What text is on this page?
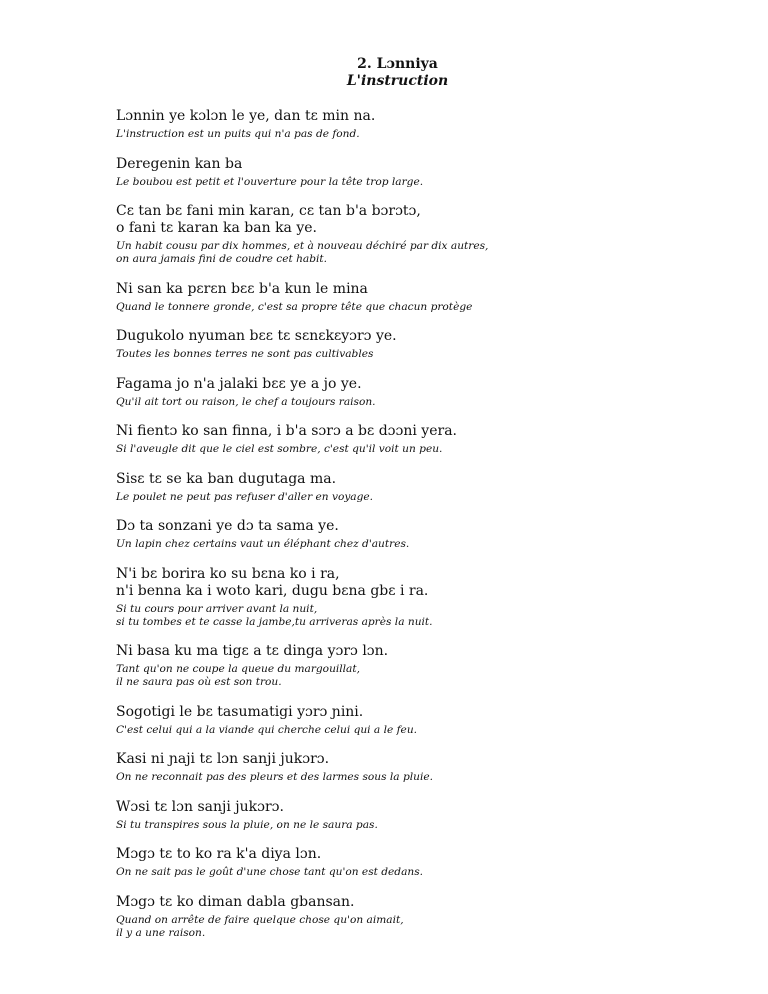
2. Lɔnniya
L'instruction
Lɔnnin ye kɔlɔn le ye, dan tɛ min na.
L'instruction est un puits qui n'a pas de fond.
Deregenin kan ba
Le boubou est petit et l'ouverture pour la tête trop large.
Cɛ tan bɛ fani min karan, cɛ tan b'a bɔrɔtɔ,
o fani tɛ karan ka ban ka ye.
Un habit cousu par dix hommes, et à nouveau déchiré par dix autres,
on aura jamais fini de coudre cet habit.
Ni san ka pɛrɛn bɛɛ b'a kun le mina
Quand le tonnere gronde, c'est sa propre tête que chacun protège
Dugukolo nyuman bɛɛ tɛ sɛnɛkɛyɔrɔ ye.
Toutes les bonnes terres ne sont pas cultivables
Fagama jo n'a jalaki bɛɛ ye a jo ye.
Qu'il ait tort ou raison, le chef a toujours raison.
Ni fientɔ ko san finna, i b'a sɔrɔ a bɛ dɔɔni yera.
Si l'aveugle dit que le ciel est sombre, c'est qu'il voit un peu.
Sisɛ tɛ se ka ban dugutaga ma.
Le poulet ne peut pas refuser d'aller en voyage.
Dɔ ta sonzani ye dɔ ta sama ye.
Un lapin chez certains vaut un éléphant chez d'autres.
N'i bɛ borira ko su bɛna ko i ra,
n'i benna ka i woto kari, dugu bɛna gbɛ i ra.
Si tu cours pour arriver avant la nuit,
si tu tombes et te casse la jambe,tu arriveras après la nuit.
Ni basa ku ma tigɛ a tɛ dinga yɔrɔ lɔn.
Tant qu'on ne coupe la queue du margouillat,
il ne saura pas où est son trou.
Sogotigi le bɛ tasumatigi yɔrɔ ɲini.
C'est celui qui a la viande qui cherche celui qui a le feu.
Kasi ni ɲaji tɛ lɔn sanji jukɔrɔ.
On ne reconnait pas des pleurs et des larmes sous la pluie.
Wɔsi tɛ lɔn sanji jukɔrɔ.
Si tu transpires sous la pluie, on ne le saura pas.
Mɔgɔ tɛ to ko ra k'a diya lɔn.
On ne sait pas le goût d'une chose tant qu'on est dedans.
Mɔgɔ tɛ ko diman dabla gbansan.
Quand on arrête de faire quelque chose qu'on aimait,
il y a une raison.
